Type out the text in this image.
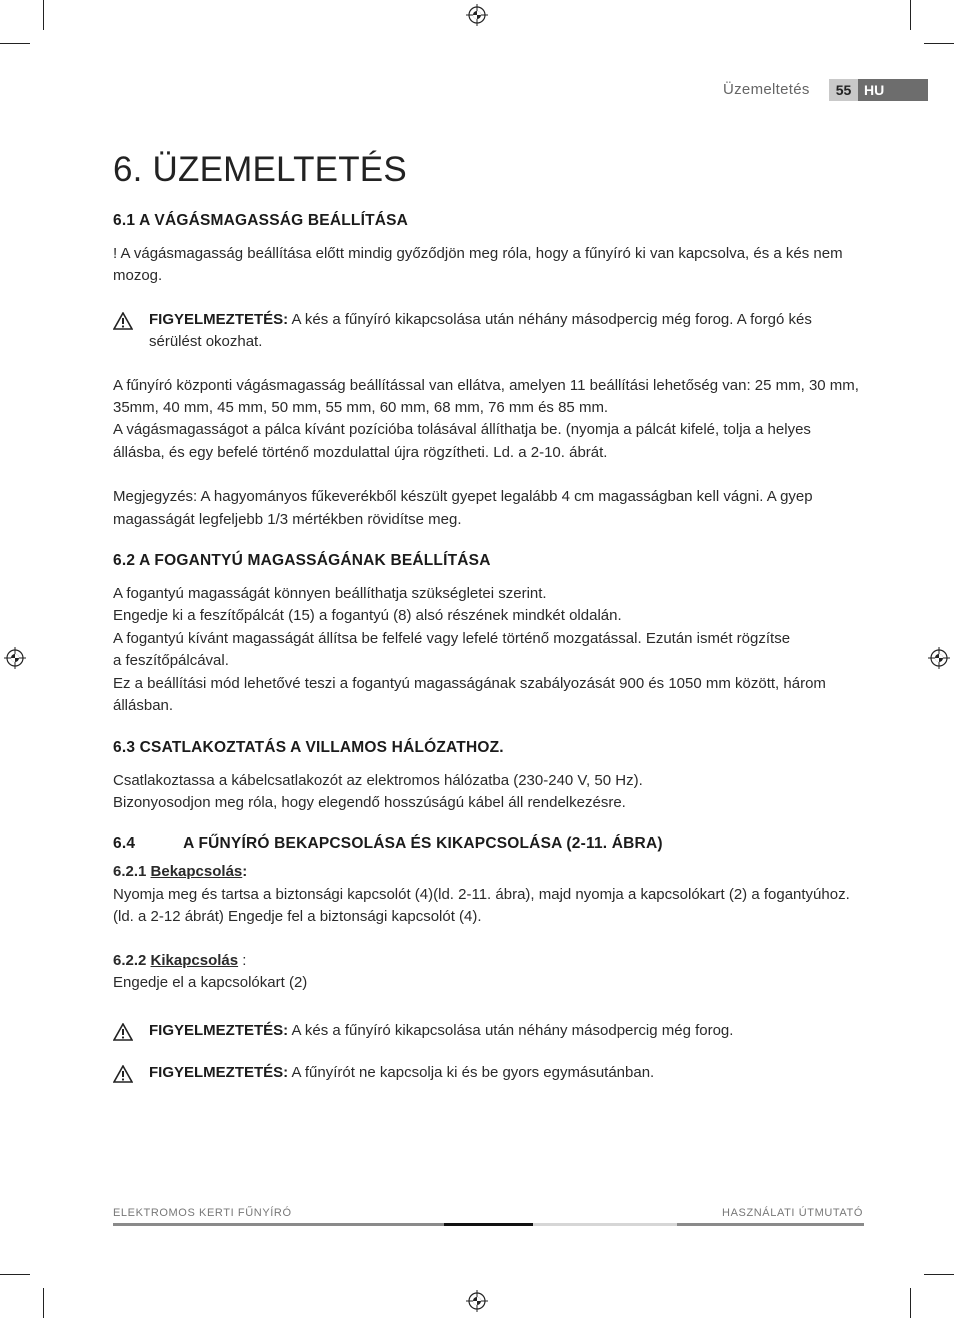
Üzemeltetés	55 HU
6. ÜZEMELTETÉS
6.1 A VÁGÁSMAGASSÁG BEÁLLÍTÁSA

! A vágásmagasság beállítása előtt mindig győződjön meg róla, hogy a fűnyíró ki van kapcsolva, és a kés nem mozog.

FIGYELMEZTETÉS: A kés a fűnyíró kikapcsolása után néhány másodpercig még forog. A forgó kés sérülést okozhat.

A fűnyíró központi vágásmagasság beállítással van ellátva, amelyen 11 beállítási lehetőség van: 25 mm, 30 mm, 35mm, 40 mm, 45 mm, 50 mm, 55 mm, 60 mm, 68 mm, 76 mm és 85 mm.

A vágásmagasságot a pálca kívánt pozícióba tolásával állíthatja be. (nyomja a pálcát kifelé, tolja a helyes állásba, és egy befelé történő mozdulattal újra rögzítheti. Ld. a 2-10. ábrát.

Megjegyzés: A hagyományos fűkeverékből készült gyepet legalább 4 cm magasságban kell vágni. A gyep magasságát legfeljebb 1/3 mértékben rövidítse meg.

6.2 A FOGANTYÚ MAGASSÁGÁNAK BEÁLLÍTÁSA

A fogantyú magasságát könnyen beállíthatja szükségletei szerint.

Engedje ki a feszítőpálcát (15) a fogantyú (8) alsó részének mindkét oldalán.

A fogantyú kívánt magasságát állítsa be felfelé vagy lefelé történő mozgatással. Ezután ismét rögzítse

a feszítőpálcával.

Ez a beállítási mód lehetővé teszi a fogantyú magasságának szabályozását 900 és 1050 mm között, három állásban.

6.3 CSATLAKOZTATÁS A VILLAMOS HÁLÓZATHOZ.

Csatlakoztassa a kábelcsatlakozót az elektromos hálózatba (230-240 V, 50 Hz).

Bizonyosodjon meg róla, hogy elegendő hosszúságú kábel áll rendelkezésre.

6.4	A FŰNYÍRÓ BEKAPCSOLÁSA ÉS KIKAPCSOLÁSA (2-11. ÁBRA)
6.2.1 Bekapcsolás:

Nyomja meg és tartsa a biztonsági kapcsolót (4)(ld. 2-11. ábra), majd nyomja a kapcsolókart (2) a fogantyúhoz. (ld. a 2-12 ábrát) Engedje fel a biztonsági kapcsolót (4).

6.2.2 Kikapcsolás :

Engedje el a kapcsolókart (2)

FIGYELMEZTETÉS: A kés a fűnyíró kikapcsolása után néhány másodpercig még forog.
FIGYELMEZTETÉS: A fűnyírót ne kapcsolja ki és be gyors egymásutánban.
ELEKTROMOS KERTI FŰNYÍRÓ	HASZNÁLATI ÚTMUTATÓ
